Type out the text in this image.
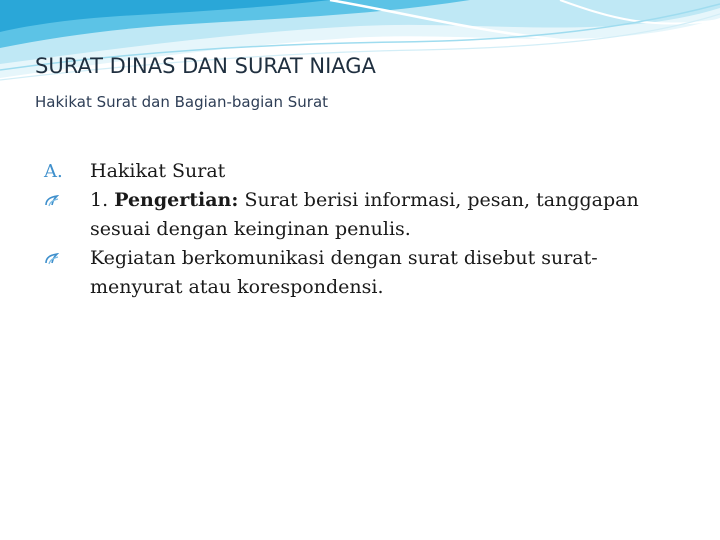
SURAT DINAS DAN SURAT NIAGA

Hakikat Surat dan Bagian-bagian Surat

A. Hakikat Surat
1. Pengertian: Surat berisi informasi, pesan, tanggapan sesuai dengan keinginan penulis.
Kegiatan berkomunikasi dengan surat disebut surat-menyurat atau korespondensi.
